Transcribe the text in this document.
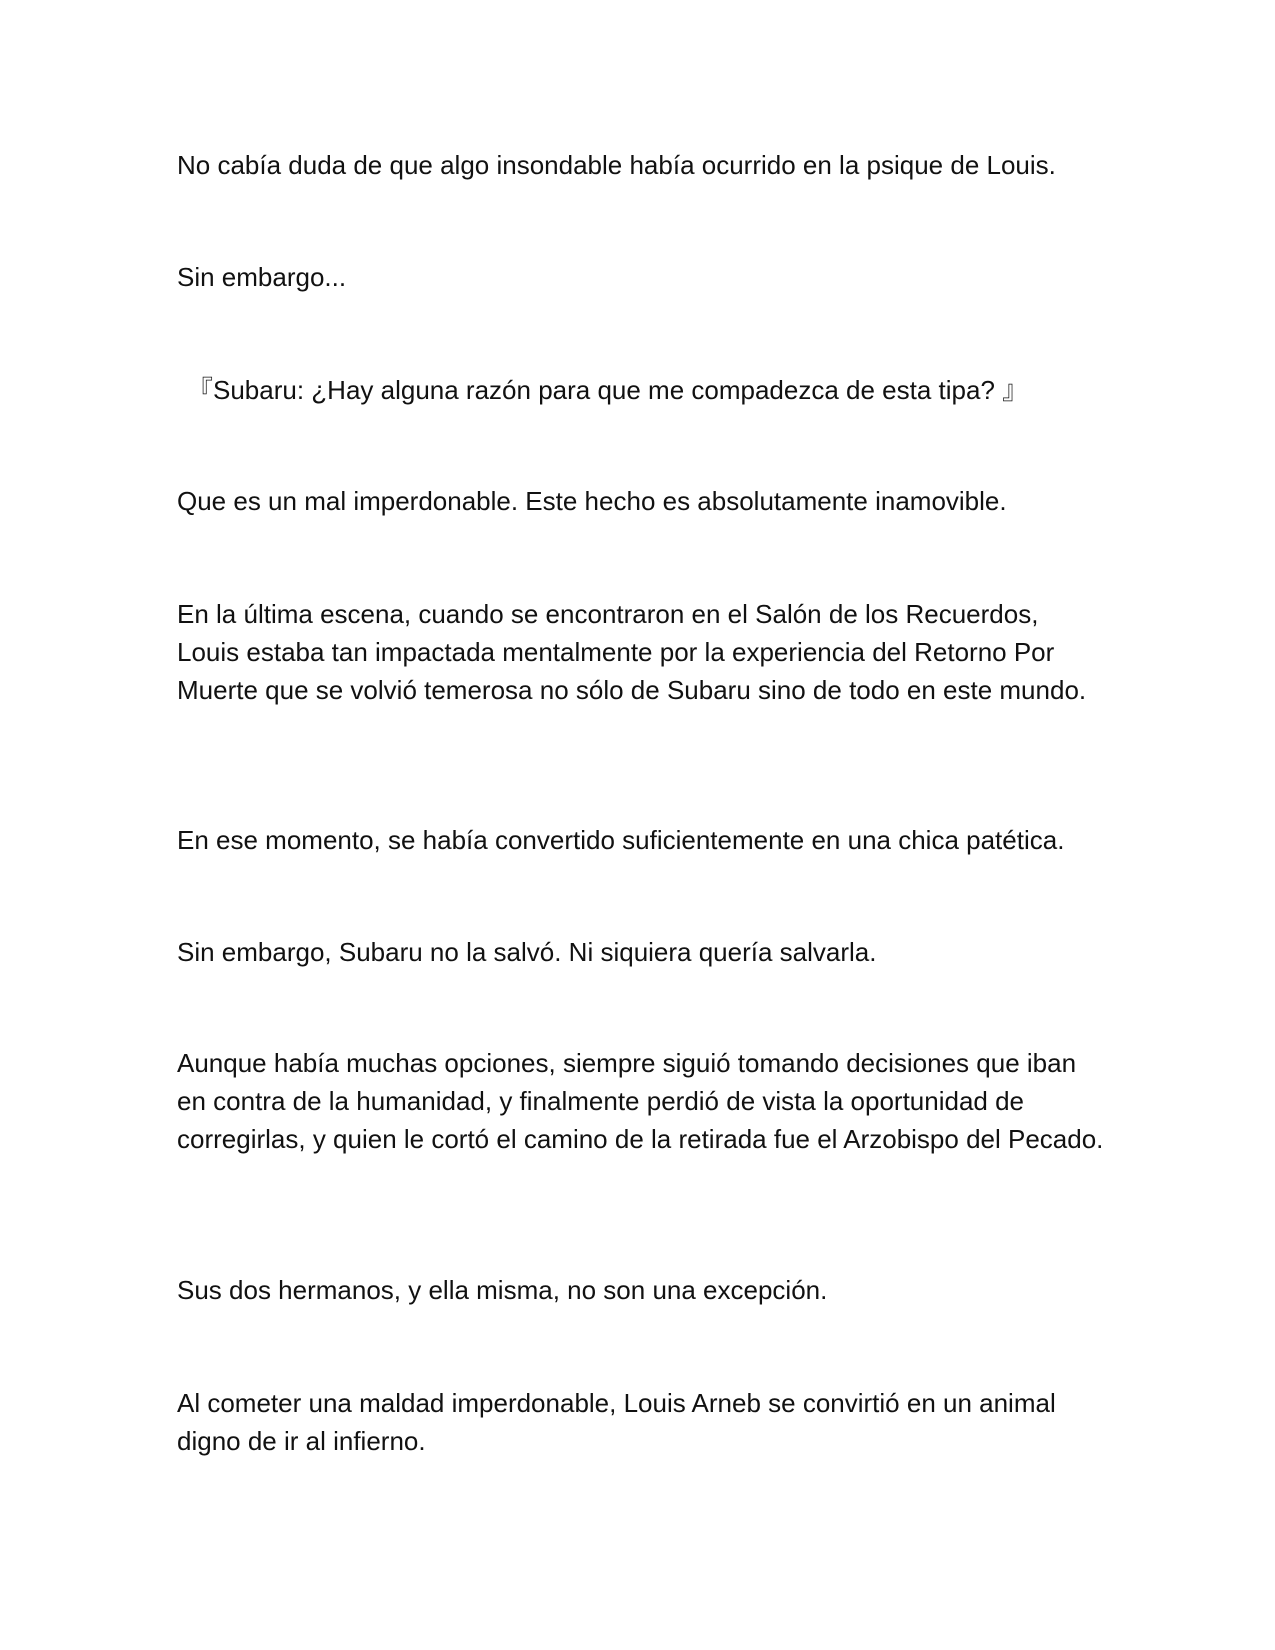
No cabía duda de que algo insondable había ocurrido en la psique de Louis.

Sin embargo...

『Subaru: ¿Hay alguna razón para que me compadezca de esta tipa? 』

Que es un mal imperdonable. Este hecho es absolutamente inamovible.

En la última escena, cuando se encontraron en el Salón de los Recuerdos, Louis estaba tan impactada mentalmente por la experiencia del Retorno Por Muerte que se volvió temerosa no sólo de Subaru sino de todo en este mundo.

En ese momento, se había convertido suficientemente en una chica patética.

Sin embargo, Subaru no la salvó. Ni siquiera quería salvarla.

Aunque había muchas opciones, siempre siguió tomando decisiones que iban en contra de la humanidad, y finalmente perdió de vista la oportunidad de corregirlas, y quien le cortó el camino de la retirada fue el Arzobispo del Pecado.

Sus dos hermanos, y ella misma, no son una excepción.

Al cometer una maldad imperdonable, Louis Arneb se convirtió en un animal digno de ir al infierno.
